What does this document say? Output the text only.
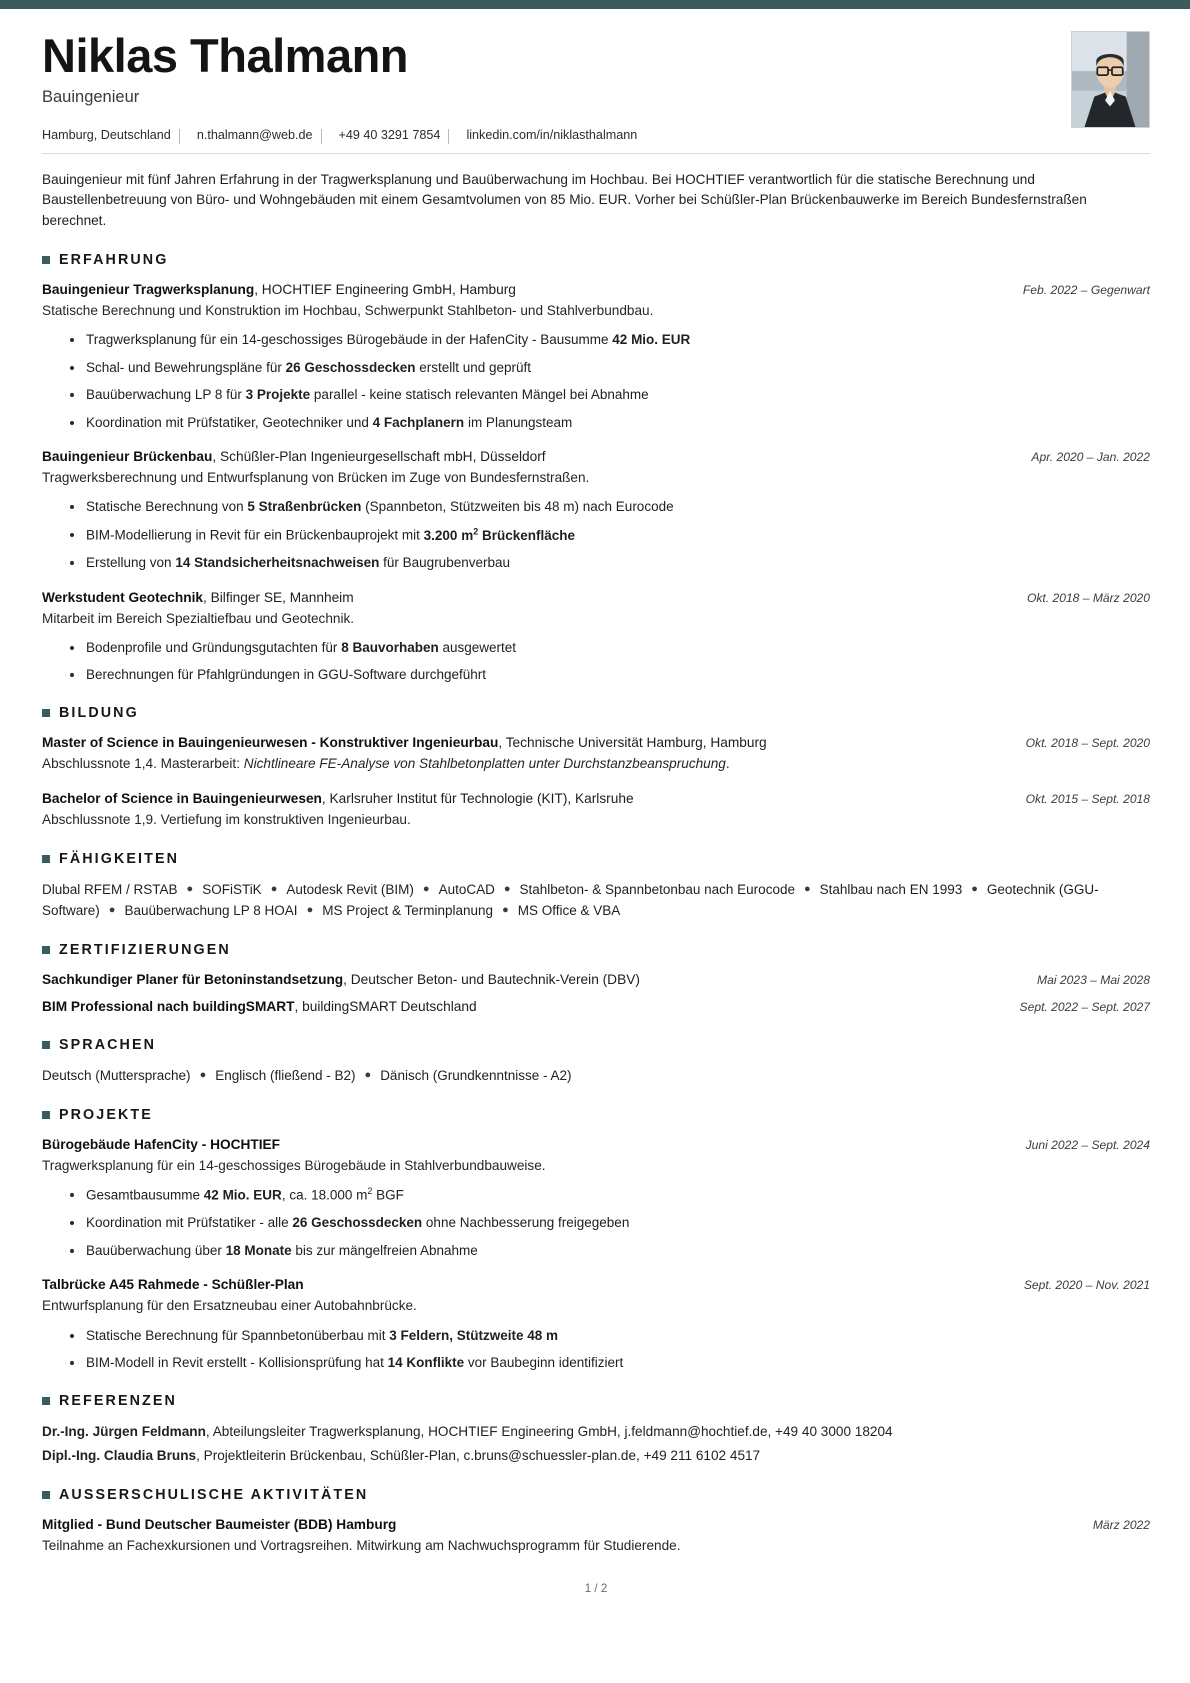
Niklas Thalmann
Bauingenieur
Hamburg, Deutschland n.thalmann@web.de +49 40 3291 7854 linkedin.com/in/niklasthalmann
Bauingenieur mit fünf Jahren Erfahrung in der Tragwerksplanung und Bauüberwachung im Hochbau. Bei HOCHTIEF verantwortlich für die statische Berechnung und Baustellenbetreuung von Büro- und Wohngebäuden mit einem Gesamtvolumen von 85 Mio. EUR. Vorher bei Schüßler-Plan Brückenbauwerke im Bereich Bundesfernstraßen berechnet.
ERFAHRUNG
Bauingenieur Tragwerksplanung, HOCHTIEF Engineering GmbH, Hamburg	Feb. 2022 – Gegenwart
Statische Berechnung und Konstruktion im Hochbau, Schwerpunkt Stahlbeton- und Stahlverbundbau.
Tragwerksplanung für ein 14-geschossiges Bürogebäude in der HafenCity - Bausumme 42 Mio. EUR
Schal- und Bewehrungspläne für 26 Geschossdecken erstellt und geprüft
Bauüberwachung LP 8 für 3 Projekte parallel - keine statisch relevanten Mängel bei Abnahme
Koordination mit Prüfstatiker, Geotechniker und 4 Fachplanern im Planungsteam
Bauingenieur Brückenbau, Schüßler-Plan Ingenieurgesellschaft mbH, Düsseldorf	Apr. 2020 – Jan. 2022
Tragwerksberechnung und Entwurfsplanung von Brücken im Zuge von Bundesfernstraßen.
Statische Berechnung von 5 Straßenbrücken (Spannbeton, Stützweiten bis 48 m) nach Eurocode
BIM-Modellierung in Revit für ein Brückenbauprojekt mit 3.200 $m^2$ Brückenfläche
Erstellung von 14 Standsicherheitsnachweisen für Baugrubenverbau
Werkstudent Geotechnik, Bilfinger SE, Mannheim	Okt. 2018 – März 2020
Mitarbeit im Bereich Spezialtiefbau und Geotechnik.
Bodenprofile und Gründungsgutachten für 8 Bauvorhaben ausgewertet
Berechnungen für Pfahlgründungen in GGU-Software durchgeführt
BILDUNG
Master of Science in Bauingenieurwesen - Konstruktiver Ingenieurbau, Technische Universität Hamburg, Hamburg	Okt. 2018 – Sept. 2020
Abschlussnote 1,4. Masterarbeit: Nichtlineare FE-Analyse von Stahlbetonplatten unter Durchstanzbeanspruchung.
Bachelor of Science in Bauingenieurwesen, Karlsruher Institut für Technologie (KIT), Karlsruhe	Okt. 2015 – Sept. 2018
Abschlussnote 1,9. Vertiefung im konstruktiven Ingenieurbau.
FÄHIGKEITEN
Dlubal RFEM / RSTAB ● SOFiSTiK ● Autodesk Revit (BIM) ● AutoCAD ● Stahlbeton- & Spannbetonbau nach Eurocode ● Stahlbau nach EN 1993 ● Geotechnik (GGU-Software) ● Bauüberwachung LP 8 HOAI ● MS Project & Terminplanung ● MS Office & VBA
ZERTIFIZIERUNGEN
Sachkundiger Planer für Betoninstandsetzung, Deutscher Beton- und Bautechnik-Verein (DBV)	Mai 2023 – Mai 2028
BIM Professional nach buildingSMART, buildingSMART Deutschland	Sept. 2022 – Sept. 2027
SPRACHEN
Deutsch (Muttersprache) ● Englisch (fließend - B2) ● Dänisch (Grundkenntnisse - A2)
PROJEKTE
Bürogebäude HafenCity - HOCHTIEF	Juni 2022 – Sept. 2024
Tragwerksplanung für ein 14-geschossiges Bürogebäude in Stahlverbundbauweise.
Gesamtbausumme 42 Mio. EUR, ca. 18.000 $m^2$ BGF
Koordination mit Prüfstatiker - alle 26 Geschossdecken ohne Nachbesserung freigegeben
Bauüberwachung über 18 Monate bis zur mängelfreien Abnahme
Talbrücke A45 Rahmede - Schüßler-Plan	Sept. 2020 – Nov. 2021
Entwurfsplanung für den Ersatzneubau einer Autobahnbrücke.
Statische Berechnung für Spannbetonüberbau mit 3 Feldern, Stützweite 48 m
BIM-Modell in Revit erstellt - Kollisionsprüfung hat 14 Konflikte vor Baubeginn identifiziert
REFERENZEN
Dr.-Ing. Jürgen Feldmann, Abteilungsleiter Tragwerksplanung, HOCHTIEF Engineering GmbH, j.feldmann@hochtief.de, +49 40 3000 18204
Dipl.-Ing. Claudia Bruns, Projektleiterin Brückenbau, Schüßler-Plan, c.bruns@schuessler-plan.de, +49 211 6102 4517
AUSSERSCHULISCHE AKTIVITÄTEN
Mitglied - Bund Deutscher Baumeister (BDB) Hamburg	März 2022
Teilnahme an Fachexkursionen und Vortragsreihen. Mitwirkung am Nachwuchsprogramm für Studierende.
1 / 2
